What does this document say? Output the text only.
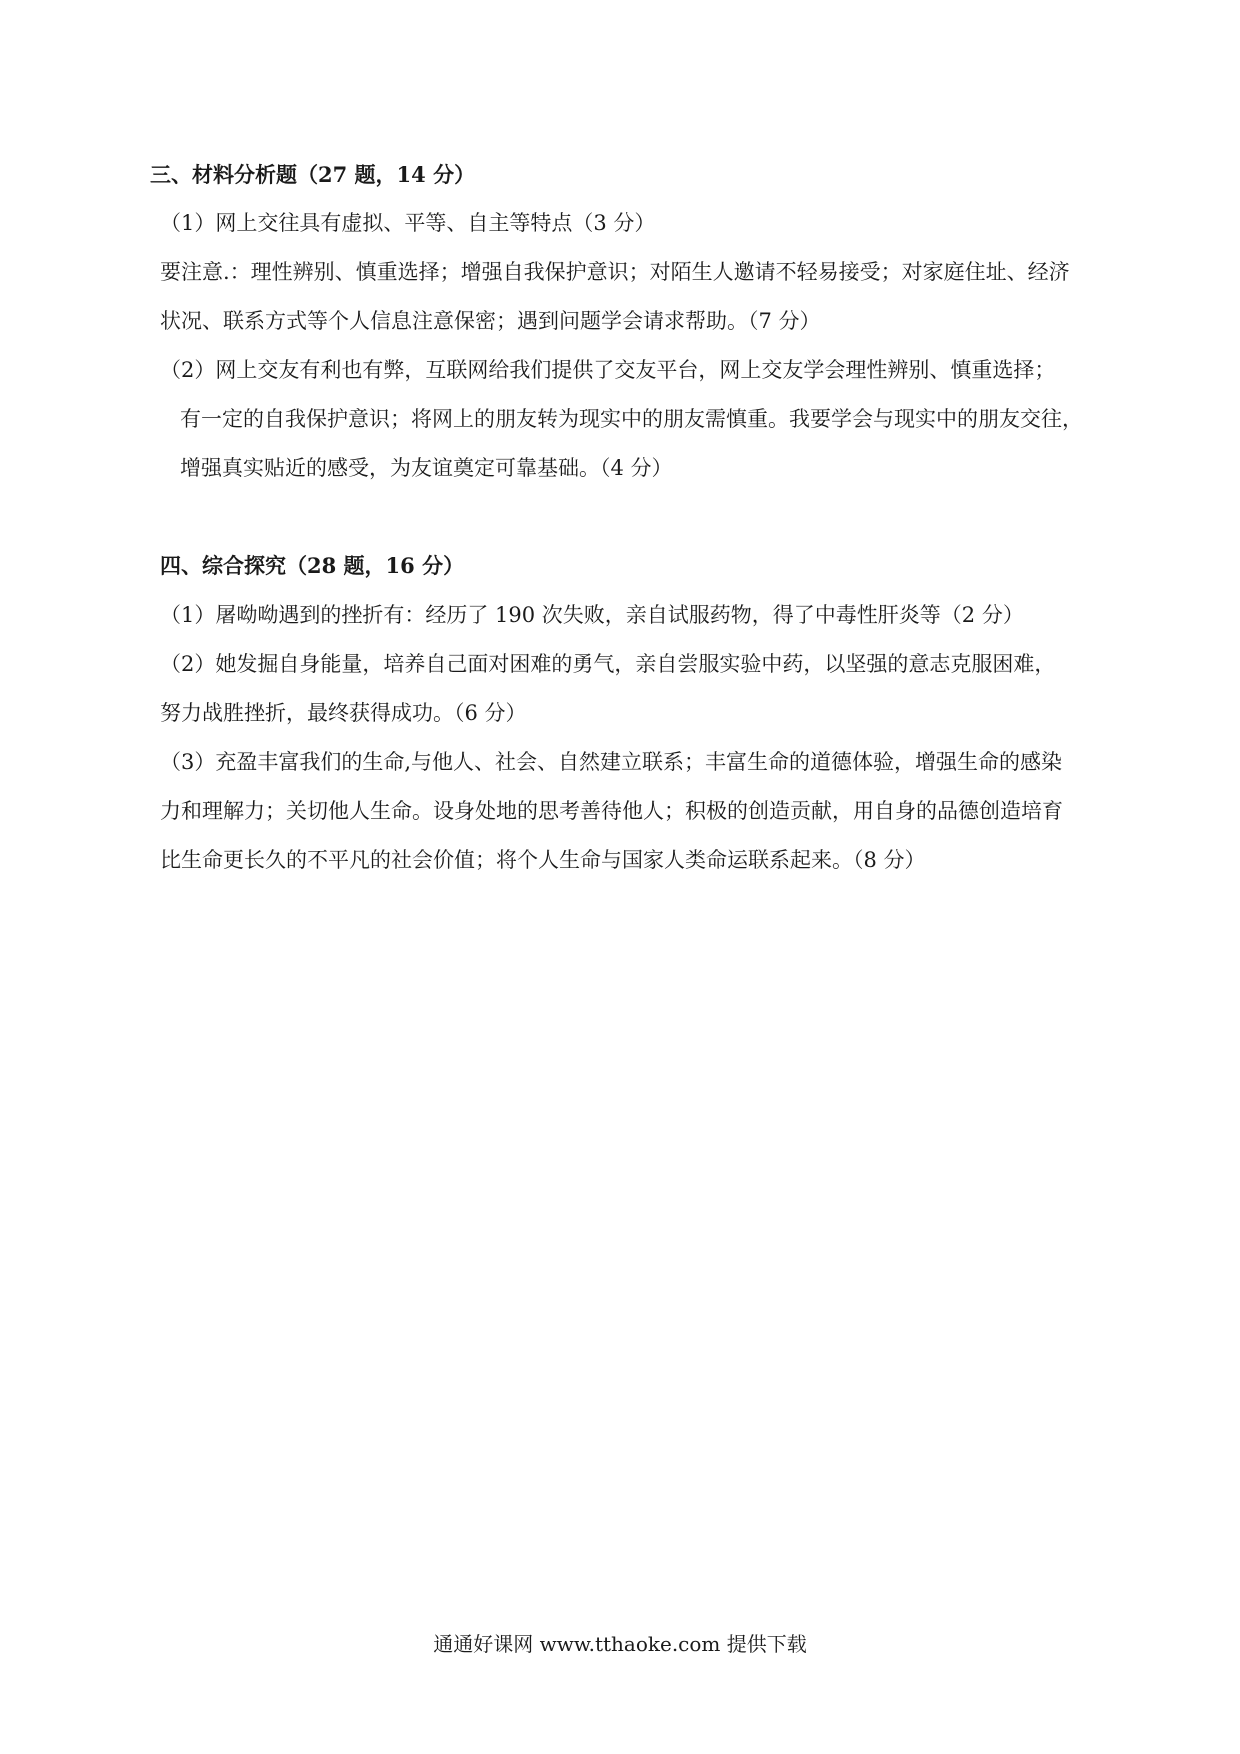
三、材料分析题（27 题，14 分）
（1）网上交往具有虚拟、平等、自主等特点（3 分）
要注意.：理性辨别、慎重选择；增强自我保护意识；对陌生人邀请不轻易接受；对家庭住址、经济
状况、联系方式等个人信息注意保密；遇到问题学会请求帮助。（7 分）
（2）网上交友有利也有弊，互联网给我们提供了交友平台，网上交友学会理性辨别、慎重选择；
有一定的自我保护意识；将网上的朋友转为现实中的朋友需慎重。我要学会与现实中的朋友交往，
增强真实贴近的感受，为友谊奠定可靠基础。（4 分）
四、综合探究（28 题，16 分）
（1）屠呦呦遇到的挫折有：经历了 190 次失败，亲自试服药物，得了中毒性肝炎等（2 分）
（2）她发掘自身能量，培养自己面对困难的勇气，亲自尝服实验中药，以坚强的意志克服困难，
努力战胜挫折，最终获得成功。（6 分）
（3）充盈丰富我们的生命,与他人、社会、自然建立联系；丰富生命的道德体验，增强生命的感染
力和理解力；关切他人生命。设身处地的思考善待他人；积极的创造贡献，用自身的品德创造培育
比生命更长久的不平凡的社会价值；将个人生命与国家人类命运联系起来。（8 分）
通通好课网 www.tthaoke.com 提供下载
